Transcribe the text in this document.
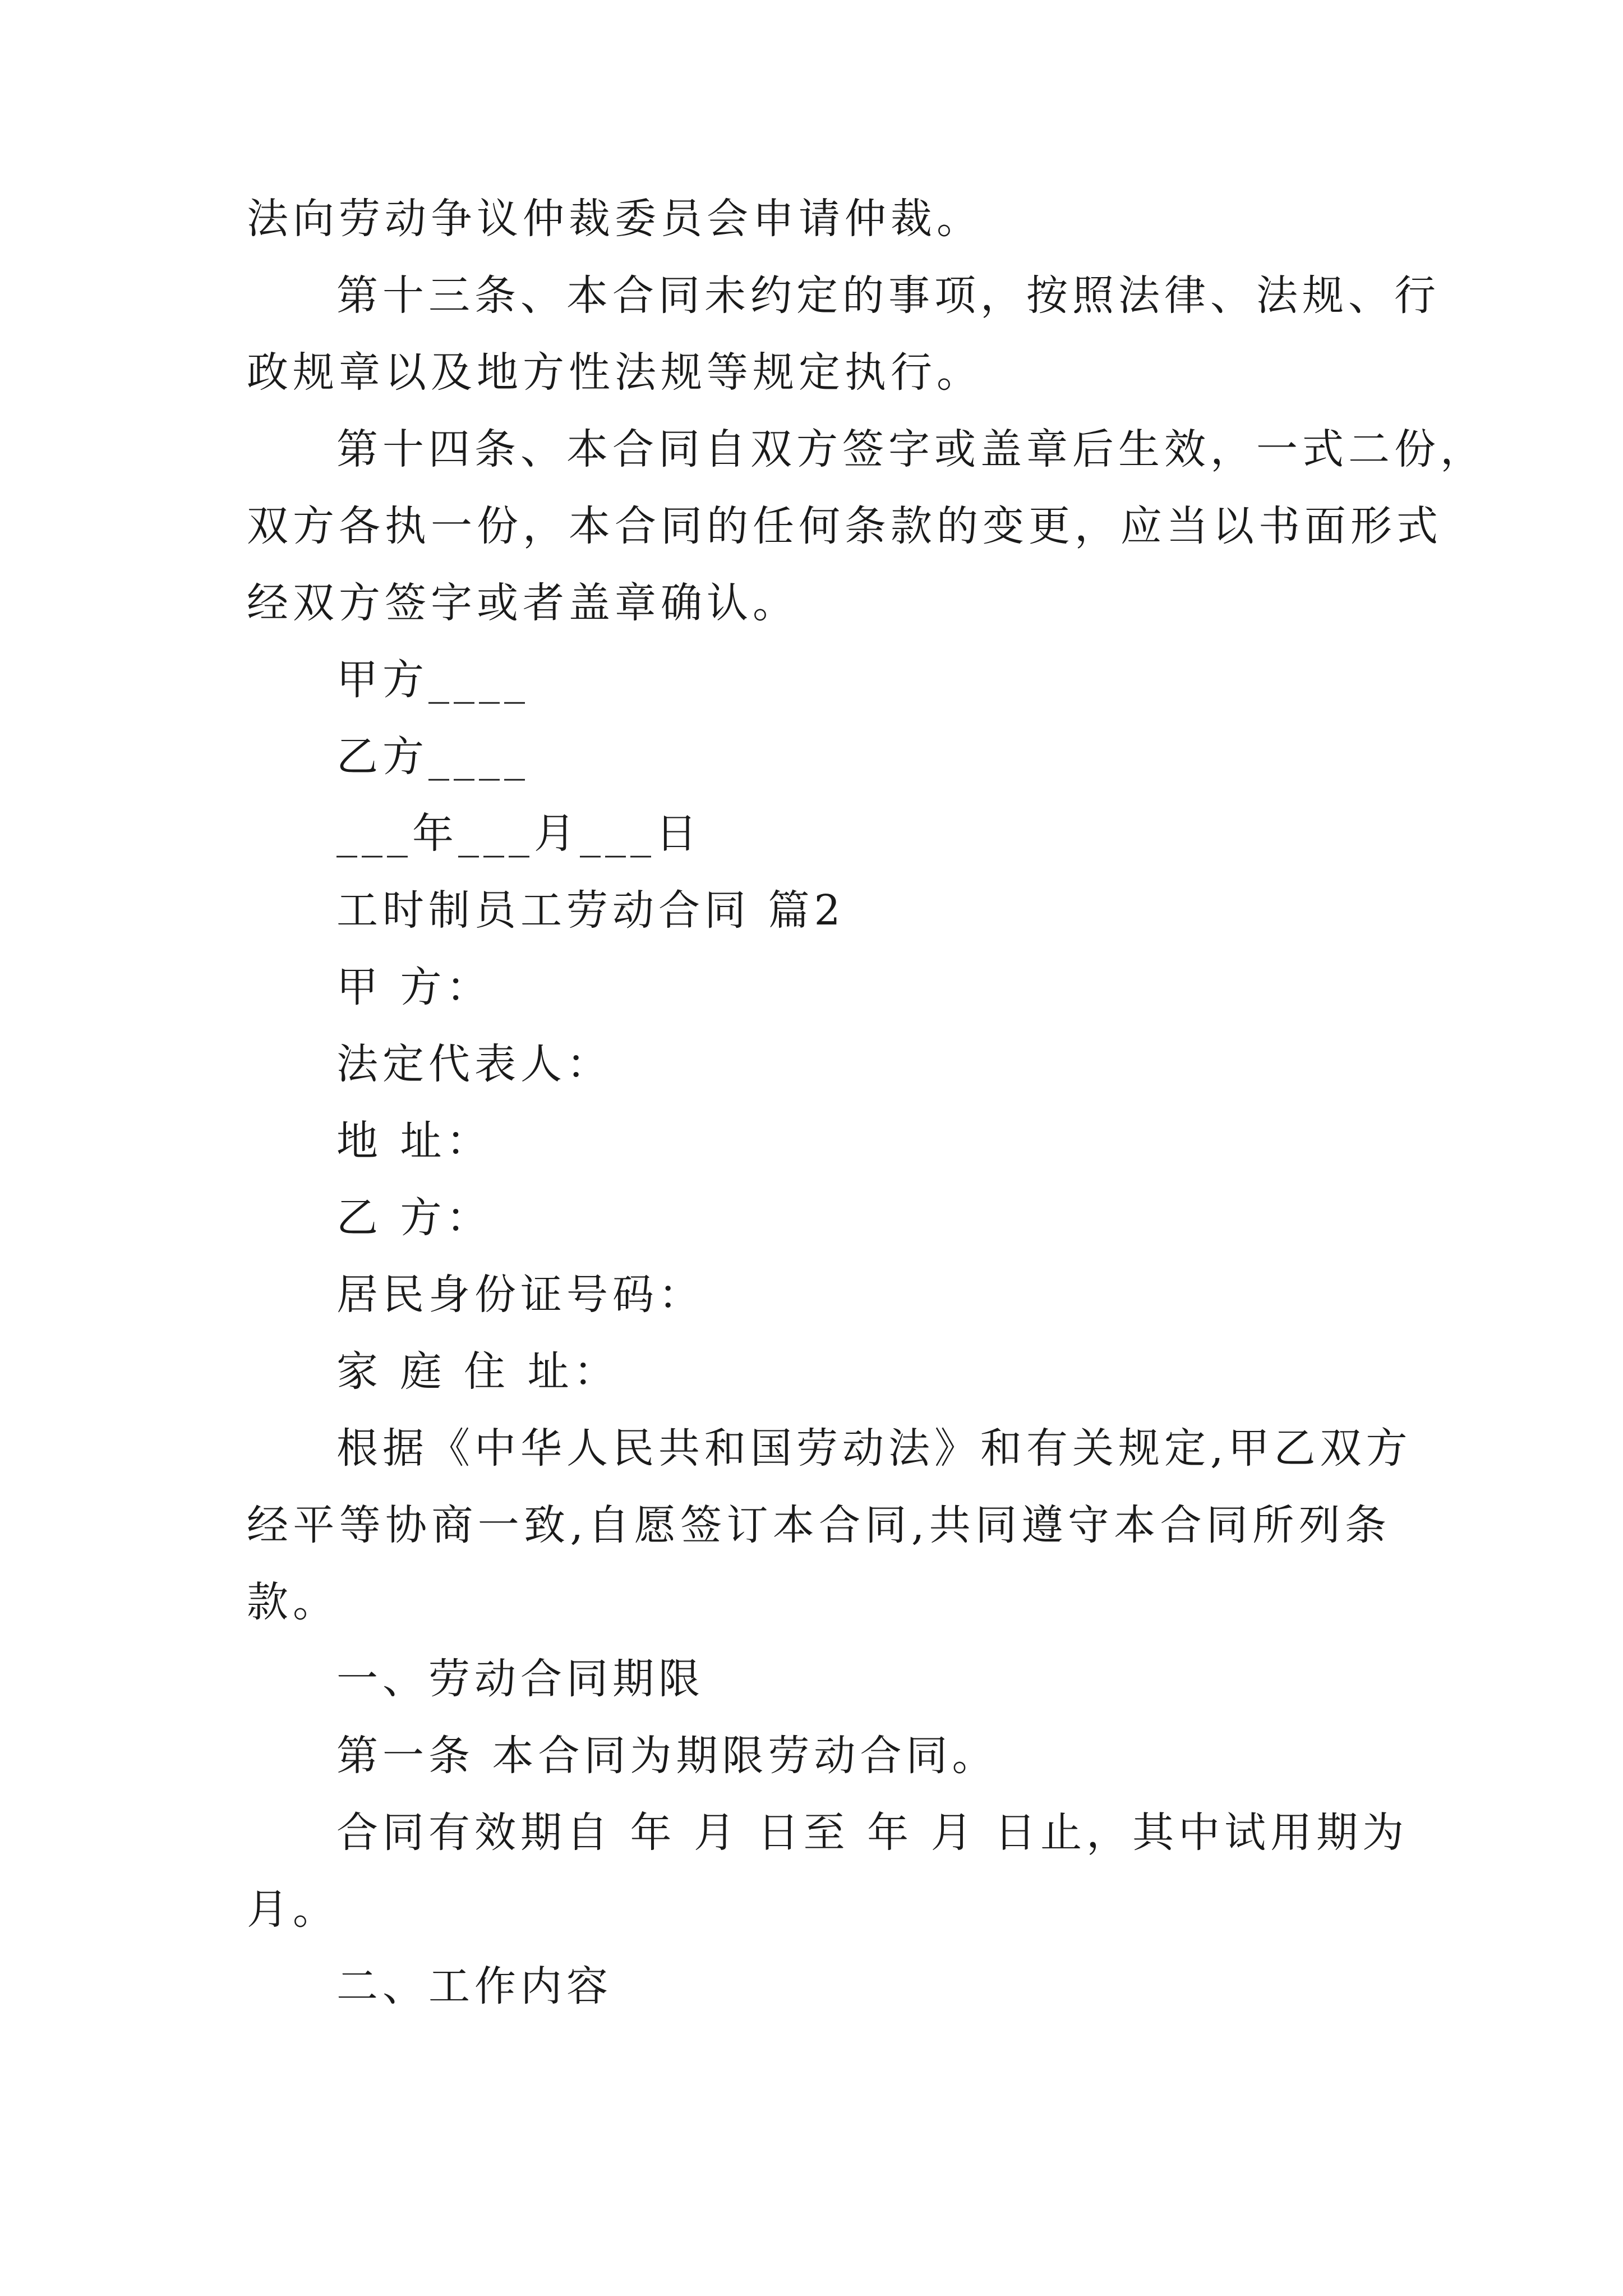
法向劳动争议仲裁委员会申请仲裁。
第十三条、本合同未约定的事项，按照法律、法规、行
政规章以及地方性法规等规定执行。
第十四条、本合同自双方签字或盖章后生效，一式二份，
双方各执一份，本合同的任何条款的变更，应当以书面形式
经双方签字或者盖章确认。
甲方____
乙方____
___年___月___日
工时制员工劳动合同 篇2
甲 方：
法定代表人：
地 址：
乙 方：
居民身份证号码：
家 庭 住 址：
根据《中华人民共和国劳动法》和有关规定,甲乙双方
经平等协商一致,自愿签订本合同,共同遵守本合同所列条
款。
一、劳动合同期限
第一条 本合同为期限劳动合同。
合同有效期自 年 月 日至 年 月 日止，其中试用期为
月。
二、工作内容
